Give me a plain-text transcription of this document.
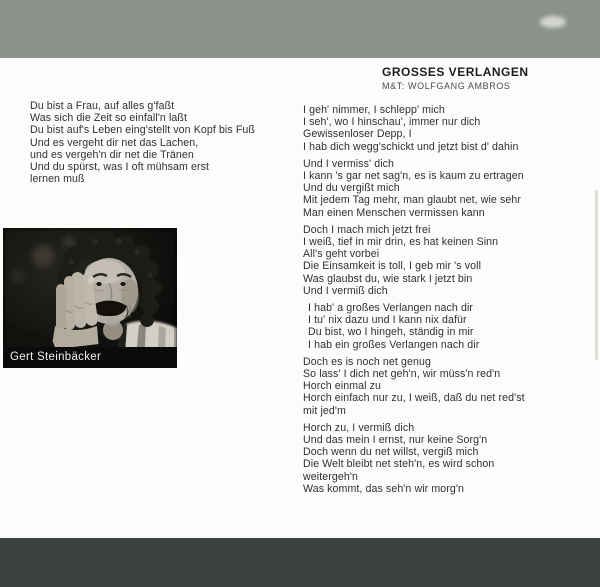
Du bist a Frau, auf alles g'faßt
Was sich die Zeit so einfall'n laßt
Du bist auf's Leben eing'stellt von Kopf bis Fuß
Und es vergeht dir net das Lachen,
und es vergeh'n dir net die Tränen
Und du spürst, was I oft mühsam erst
lernen muß
Gert Steinbäcker
GROSSES VERLANGEN
M&T: WOLFGANG AMBROS
I geh' nimmer, I schlepp' mich
I seh', wo I hinschau', immer nur dich
Gewissenloser Depp, I
I hab dich wegg'schickt und jetzt bist d' dahin
Und I vermiss' dich
I kann 's gar net sag'n, es is kaum zu ertragen
Und du vergißt mich
Mit jedem Tag mehr, man glaubt net, wie sehr
Man einen Menschen vermissen kann
Doch I mach mich jetzt frei
I weiß, tief in mir drin, es hat keinen Sinn
All's geht vorbei
Die Einsamkeit is toll, I geb mir 's voll
Was glaubst du, wie stark I jetzt bin
Und I vermiß dich
I hab' a großes Verlangen nach dir
I tu' nix dazu und I kann nix dafür
Du bist, wo I hingeh, ständig in mir
I hab ein großes Verlangen nach dir
Doch es is noch net genug
So lass' I dich net geh'n, wir müss'n red'n
Horch einmal zu
Horch einfach nur zu, I weiß, daß du net red'st
mit jed'm
Horch zu, I vermiß dich
Und das mein I ernst, nur keine Sorg'n
Doch wenn du net willst, vergiß mich
Die Welt bleibt net steh'n, es wird schon
weitergeh'n
Was kommt, das seh'n wir morg'n
